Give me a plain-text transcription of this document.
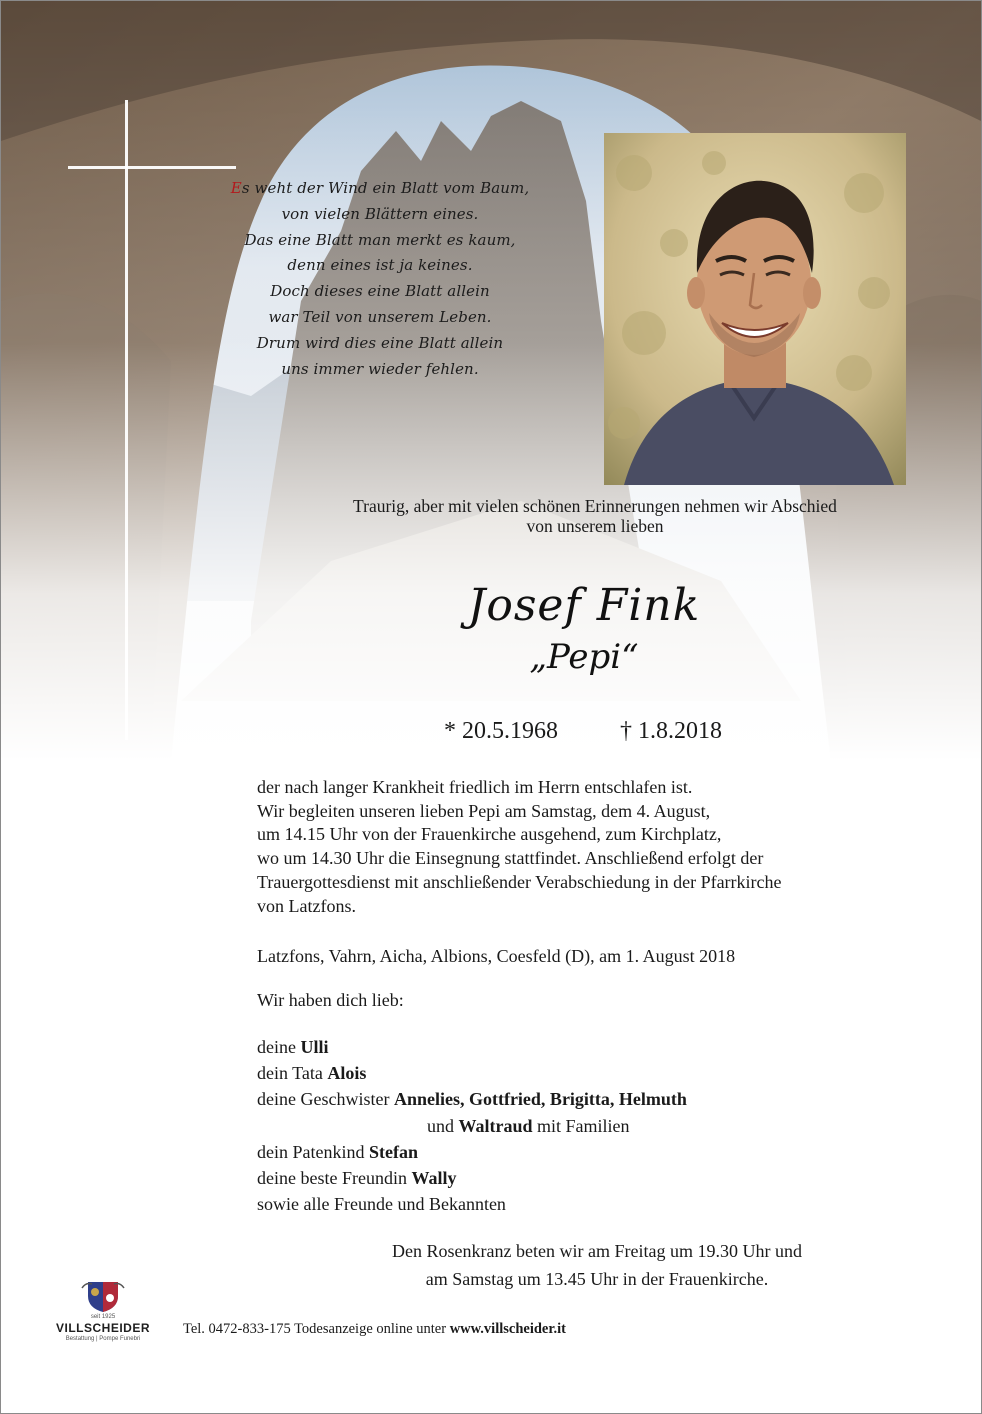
Es weht der Wind ein Blatt vom Baum,
von vielen Blättern eines.
Das eine Blatt man merkt es kaum,
denn eines ist ja keines.
Doch dieses eine Blatt allein
war Teil von unserem Leben.
Drum wird dies eine Blatt allein
uns immer wieder fehlen.
Traurig, aber mit vielen schönen Erinnerungen nehmen wir Abschied
von unserem lieben
Josef Fink
„Pepi“
* 20.5.1968	† 1.8.2018

der nach langer Krankheit friedlich im Herrn entschlafen ist.

Wir begleiten unseren lieben Pepi am Samstag, dem 4. August,

um 14.15 Uhr von der Frauenkirche ausgehend, zum Kirchplatz,

wo um 14.30 Uhr die Einsegnung stattfindet. Anschließend erfolgt der

Trauergottesdienst mit anschließender Verabschiedung in der Pfarrkirche

von Latzfons.

Latzfons, Vahrn, Aicha, Albions, Coesfeld (D), am 1. August 2018
Wir haben dich lieb:
deine Ulli
dein Tata Alois
deine Geschwister Annelies, Gottfried, Brigitta, Helmuth
und Waltraud mit Familien
dein Patenkind Stefan
deine beste Freundin Wally
sowie alle Freunde und Bekannten
Den Rosenkranz beten wir am Freitag um 19.30 Uhr und
am Samstag um 13.45 Uhr in der Frauenkirche.
seit 1925
VILLSCHEIDER
Bestattung | Pompe Funebri
Tel. 0472-833-175 Todesanzeige online unter www.villscheider.it
